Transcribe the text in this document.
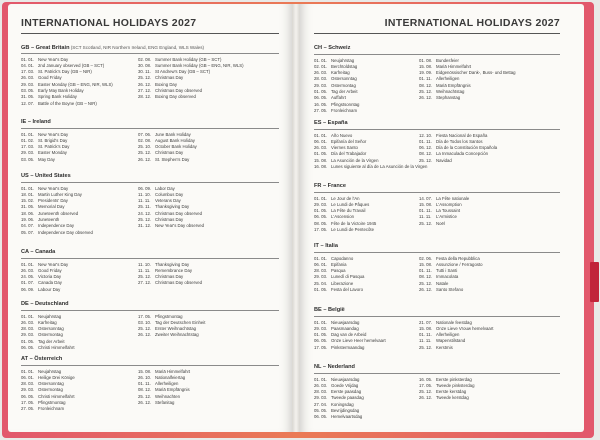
INTERNATIONAL HOLIDAYS 2027
GB – Great Britain (SCT Scotland, NIR Northern Ireland, ENG England, WLS Wales)
01. 01. New Year's Day
04. 01. 2nd January observed (GB – SCT)
17. 03. St. Patrick's Day (GB – NIR)
26. 03. Good Friday
29. 03. Easter Monday (GB – ENG, NIR, WLS)
03. 05. Early May Bank Holiday
31. 05. Spring Bank Holiday
12. 07. Battle of the Boyne (GB – NIR)
02. 08. Summer Bank Holiday (GB – SCT)
30. 08. Summer Bank Holiday (GB – ENG, NIR, WLS)
30. 11. St Andrew's Day (GB – SCT)
25. 12. Christmas Day
26. 12. Boxing Day
27. 12. Christmas Day observed
28. 12. Boxing Day observed
IE – Ireland
01. 01. New Year's Day
01. 02. St. Brigid's Day
17. 03. St. Patrick's Day
29. 03. Easter Monday
03. 05. May Day
07. 06. June Bank Holiday
02. 08. August Bank Holiday
25. 10. October Bank Holiday
25. 12. Christmas Day
26. 12. St. Stephen's Day
US – United States
01. 01. New Year's Day
18. 01. Martin Luther King Day
15. 02. Presidents' Day
31. 05. Memorial Day
18. 06. Juneteenth observed
19. 06. Juneteenth
04. 07. Independence Day
05. 07. Independence Day observed
06. 09. Labor Day
11. 10. Columbus Day
11. 11. Veterans Day
25. 11. Thanksgiving Day
24. 12. Christmas Day observed
25. 12. Christmas Day
31. 12. New Year's Day observed
CA – Canada
01. 01. New Year's Day
26. 03. Good Friday
24. 05. Victoria Day
01. 07. Canada Day
06. 09. Labour Day
11. 10. Thanksgiving Day
11. 11. Remembrance Day
25. 12. Christmas Day
27. 12. Christmas Day observed
DE – Deutschland
01. 01. Neujahrstag
26. 03. Karfreitag
28. 03. Ostersonntag
29. 03. Ostermontag
01. 05. Tag der Arbeit
06. 05. Christi Himmelfahrt
17. 05. Pfingstmontag
03. 10. Tag der Deutschen Einheit
25. 12. Erster Weihnachtstag
26. 12. Zweiter Weihnachtstag
AT – Österreich
01. 01. Neujahrstag
06. 01. Heilige Drei Könige
28. 03. Ostersonntag
29. 03. Ostermontag
06. 05. Christi Himmelfahrt
17. 05. Pfingstmontag
27. 05. Fronleichnam
15. 08. Mariä Himmelfahrt
26. 10. Nationalfeiertag
01. 11. Allerheiligen
08. 12. Mariä Empfängnis
25. 12. Weihnachten
26. 12. Stefanitag
INTERNATIONAL HOLIDAYS 2027
CH – Schweiz
01. 01. Neujahrstag
02. 01. Berchtoldstag
26. 03. Karfreitag
28. 03. Ostersonntag
29. 03. Ostermontag
01. 05. Tag der Arbeit
06. 05. Auffahrt
16. 05. Pfingstsonntag
27. 05. Fronleichnam
01. 08. Bundesfeier
15. 08. Mariä Himmelfahrt
19. 09. Eidgenössischer Dank-, Buss- und Bettag
01. 11. Allerheiligen
08. 12. Mariä Empfängnis
25. 12. Weihnachtstag
26. 12. Stephanstag
ES – España
01. 01. Año Nuevo
06. 01. Epifanía del Señor
26. 03. Viernes Santo
01. 05. Día del Trabajador
15. 08. La Asunción de la Virgen
16. 08. Lunes siguiente al día de La Asunción de la Virgen
12. 10. Fiesta Nacional de España
01. 11. Día de Todos los Santos
06. 12. Día de la Constitución Española
08. 12. La Inmaculada Concepción
25. 12. Navidad
FR – France
01. 01. Le Jour de l'An
29. 03. Le Lundi de Pâques
01. 05. La Fête du Travail
06. 05. L'Ascension
08. 05. Fête de la Victoire 1945
17. 05. Le Lundi de Pentecôte
14. 07. La Fête nationale
15. 08. L'Assomption
01. 11. La Toussaint
11. 11. L'Armistice
25. 12. Noël
IT – Italia
01. 01. Capodanno
06. 01. Epifania
28. 03. Pasqua
29. 03. Lunedì di Pasqua
25. 04. Liberazione
01. 05. Festa del Lavoro
02. 06. Festa della Repubblica
15. 08. Assunzione / Ferragosto
01. 11. Tutti i Santi
08. 12. Immacolata
25. 12. Natale
26. 12. Santo Stefano
BE – België
01. 01. Nieuwjaarsdag
29. 03. Paasmaandag
01. 05. Dag van de Arbeid
06. 05. Onze Lieve Heer hemelvaart
17. 05. Pinkstermaandag
21. 07. Nationale feestdag
15. 08. Onze Lieve Vrouw hemelvaart
01. 11. Allerheiligen
11. 11. Wapenstilstand
25. 12. Kerstmis
NL – Nederland
01. 01. Nieuwjaarsdag
26. 03. Goede Vrijdag
28. 03. Eerste paasdag
29. 03. Tweede paasdag
27. 04. Koningsdag
05. 05. Bevrijdingsdag
06. 05. Hemelvaartsdag
16. 05. Eerste pinksterdag
17. 05. Tweede pinksterdag
25. 12. Eerste kerstdag
26. 12. Tweede kerstdag
